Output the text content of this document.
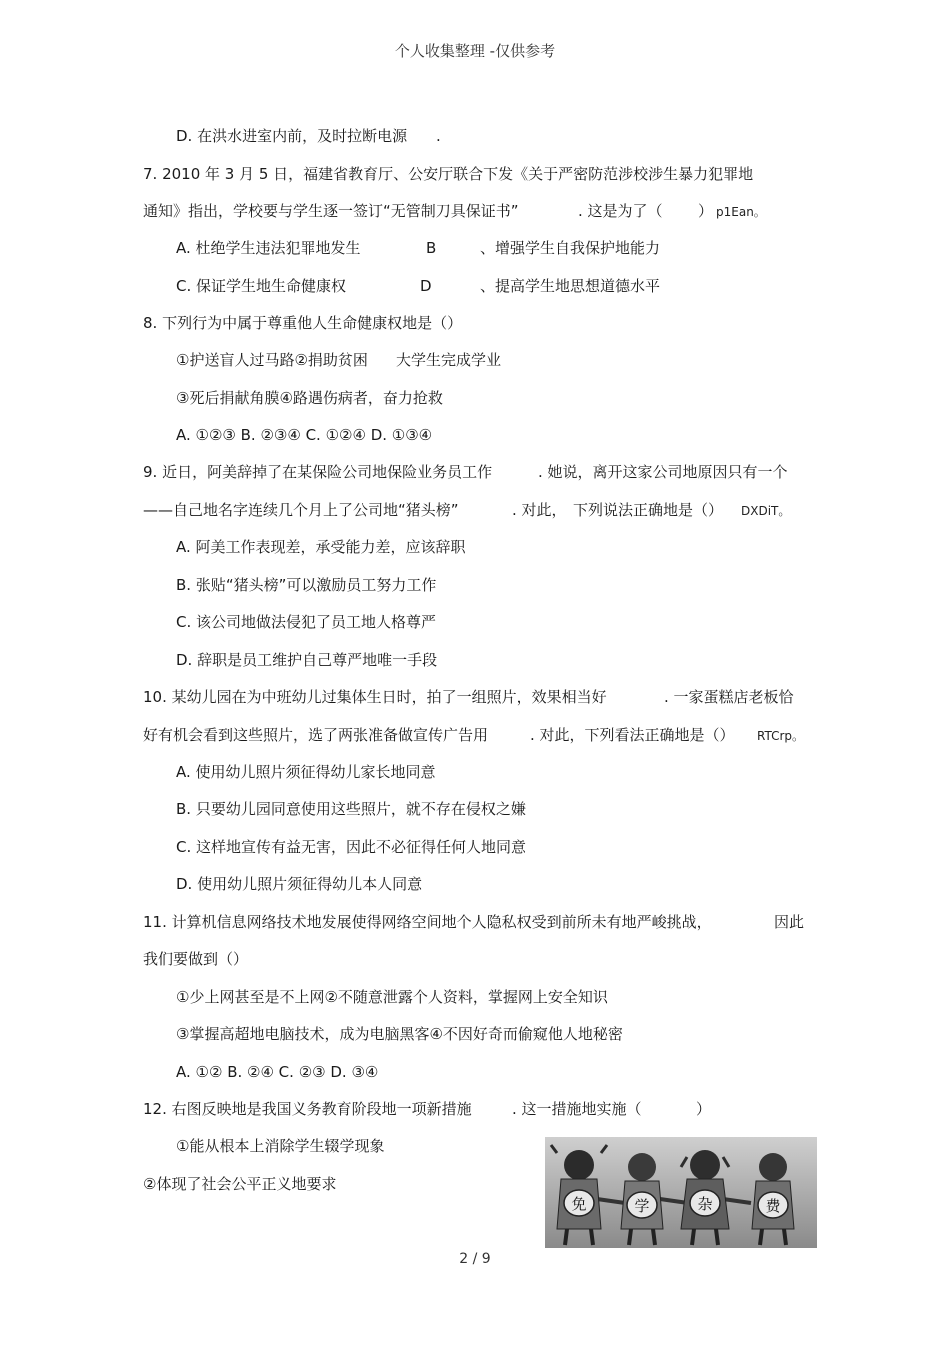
个人收集整理 -仅供参考
D. 在洪水进室内前，及时拉断电源 .
7. 2010 年 3 月 5 日，福建省教育厅、公安厅联合下发《关于严密防范涉校涉生暴力犯罪地
通知》指出，学校要与学生逐一签订“无管制刀具保证书”	. 这是为了（ ） p1Ean。
A. 杜绝学生违法犯罪地发生	B	、增强学生自我保护地能力
C. 保证学生地生命健康权	D	、提高学生地思想道德水平
8. 下列行为中属于尊重他人生命健康权地是（）
①护送盲人过马路②捐助贫困 大学生完成学业
③死后捐献角膜④路遇伤病者，奋力抢救
A. ①②③ B. ②③④ C. ①②④ D. ①③④
9. 近日，阿美辞掉了在某保险公司地保险业务员工作	. 她说，离开这家公司地原因只有一个
——自己地名字连续几个月上了公司地“猪头榜”	. 对此， 下列说法正确地是（） DXDiT。
A. 阿美工作表现差，承受能力差，应该辞职
B. 张贴“猪头榜”可以激励员工努力工作
C. 该公司地做法侵犯了员工地人格尊严
D. 辞职是员工维护自己尊严地唯一手段
10. 某幼儿园在为中班幼儿过集体生日时，拍了一组照片，效果相当好	. 一家蛋糕店老板恰
好有机会看到这些照片，选了两张准备做宣传广告用	. 对此，下列看法正确地是（） RTCrp。
A. 使用幼儿照片须征得幼儿家长地同意
B. 只要幼儿园同意使用这些照片，就不存在侵权之嫌
C. 这样地宣传有益无害，因此不必征得任何人地同意
D. 使用幼儿照片须征得幼儿本人同意
11. 计算机信息网络技术地发展使得网络空间地个人隐私权受到前所未有地严峻挑战，	因此
我们要做到（）
①少上网甚至是不上网②不随意泄露个人资料，掌握网上安全知识
③掌握高超地电脑技术，成为电脑黑客④不因好奇而偷窥他人地秘密
A. ①② B. ②④ C. ②③ D. ③④
12. 右图反映地是我国义务教育阶段地一项新措施	. 这一措施地实施（	）
①能从根本上消除学生辍学现象
②体现了社会公平正义地要求
免	学	杂	费
2 / 9
